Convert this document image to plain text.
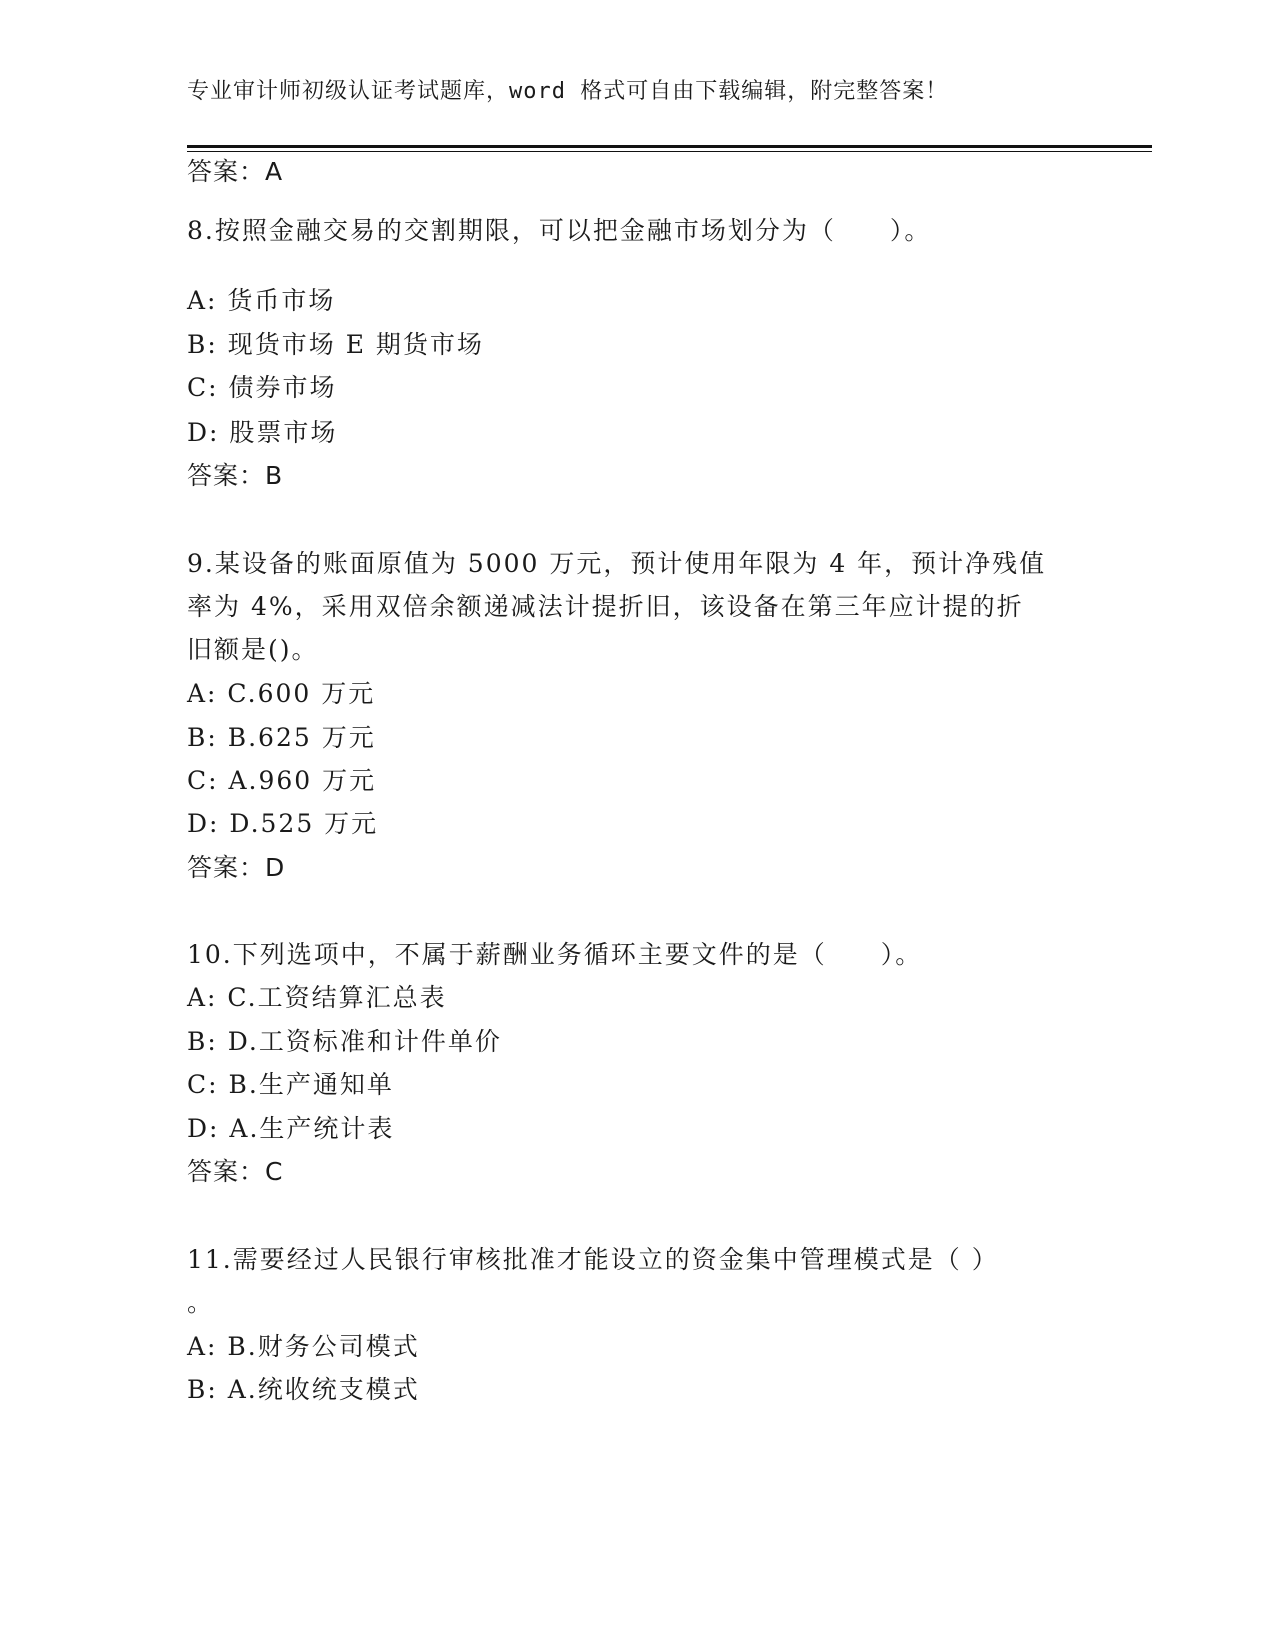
专业审计师初级认证考试题库，word 格式可自由下载编辑，附完整答案！
答案：A
8.按照金融交易的交割期限，可以把金融市场划分为（　　）。
A: 货币市场
B: 现货市场 E 期货市场
C: 债券市场
D: 股票市场
答案：B
9.某设备的账面原值为 5000 万元，预计使用年限为 4 年，预计净残值
率为 4%，采用双倍余额递减法计提折旧，该设备在第三年应计提的折
旧额是()。
A: C.600 万元
B: B.625 万元
C: A.960 万元
D: D.525 万元
答案：D
10.下列选项中，不属于薪酬业务循环主要文件的是（　　）。
A: C.工资结算汇总表
B: D.工资标准和计件单价
C: B.生产通知单
D: A.生产统计表
答案：C
11.需要经过人民银行审核批准才能设立的资金集中管理模式是（ ）
。
A: B.财务公司模式
B: A.统收统支模式
